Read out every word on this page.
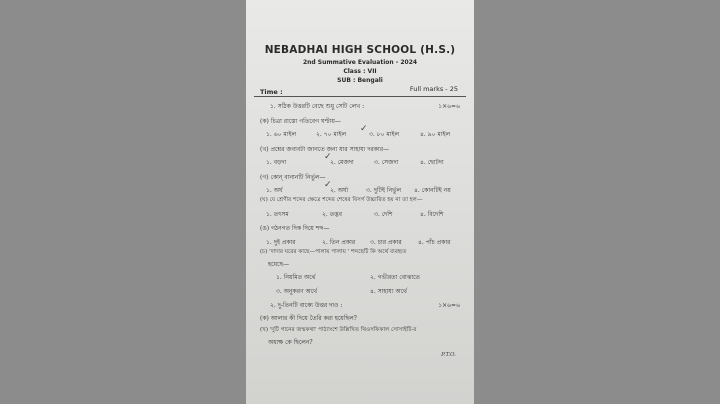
NEBADHAI HIGH SCHOOL (H.S.)
2nd Summative Evaluation - 2024
Class : VII
SUB : Bengali
Time :	Full marks - 25
১. সঠিক উত্তরটি বেছে শুধু সেটি লেখ :	১×৬=৬
(ক) চিত্রা রাস্তো গতিবেগ ঘণ্টায়—
১. ৬০ মাইল	২. ৭০ মাইল	৩. ৮০ মাইল	৪. ৯০ মাইল
✓
(খ) প্রশ্নের জবাবটা জানতে জন্য যার সাহায্য দরকার—
১. বড়দা	২. মেজদা	৩. সেজদা	৪. ছোটদা
✓
(গ) কোন্ বানানটি নির্ভুল—
১. অর্ঘ	২. অর্ঘ্য	৩. দুটিই নির্ভুল ৪. কোনটিই নয়
✓
(ঘ) যে শ্রেণীর শব্দের ক্ষেত্রে শব্দের শেষের বিসর্গ উচ্চারিত হয় না তা হল—
১. তৎসম	২. তদ্ভব	৩. দেশি	৪. বিদেশি
(ঙ) গঠনগত দিক দিয়ে শব্দ—
১. দুই প্রকার	২. তিন প্রকার ৩. চার প্রকার	৪. পাঁচ প্রকার
(চ) 'দাদার ঘরের কাছে—পালায় পালায় ' শব্দছেটি কি অর্থে ব্যবহৃত
হয়েছে—
১. নিয়মিত অর্থে	২. গভীরতা বোঝাতে
৩. অনুকরণ অর্থে	৪. সাহায্য অর্থে
২. দু-তিনটি বাক্যে উত্তর দাও :	১×৬=৬
(ক) আলার কী দিয়ে তৈরি করা হয়েছিল?
(খ) 'দুটি গানের জন্মকথা' পাঠ্যাংশে উল্লিখিত থিওসফিকাল সোসাইটি-র
অধ্যক্ষ কে ছিলেন?
P.T.O.
